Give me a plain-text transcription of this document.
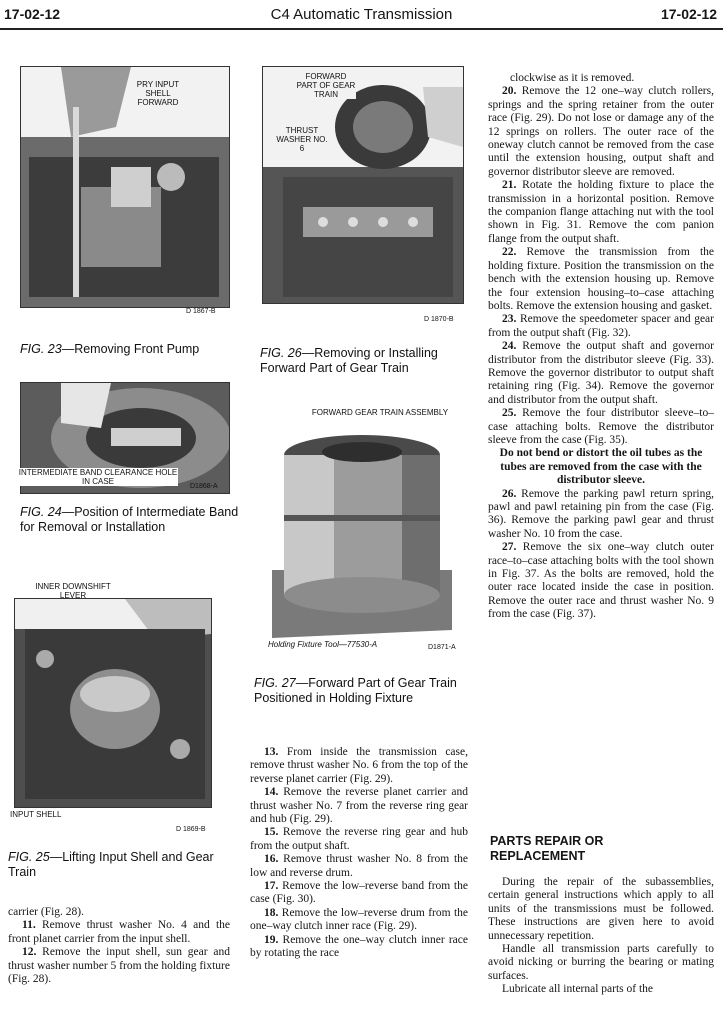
17-02-12	C4 Automatic Transmission	17-02-12
PRY INPUT SHELL FORWARD
D 1867-B
FIG. 23—Removing Front Pump
INTERMEDIATE BAND CLEARANCE HOLE IN CASE
D1868-A
FIG. 24—Position of Intermediate Band for Removal or Installation
INNER DOWNSHIFT LEVER
INPUT SHELL
D 1869-B
FIG. 25—Lifting Input Shell and Gear Train

carrier (Fig. 28).

11. Remove thrust washer No. 4 and the front planet carrier from the input shell.

12. Remove the input shell, sun gear and thrust washer number 5 from the holding fixture (Fig. 28).

FORWARD PART OF GEAR TRAIN
THRUST WASHER NO. 6
D 1870-B
FIG. 26—Removing or Installing Forward Part of Gear Train
FORWARD GEAR TRAIN ASSEMBLY
Holding Fixture Tool—77530-A	D1871-A
FIG. 27—Forward Part of Gear Train Positioned in Holding Fixture

13. From inside the transmission case, remove thrust washer No. 6 from the top of the reverse planet carrier (Fig. 29).

14. Remove the reverse planet carrier and thrust washer No. 7 from the reverse ring gear and hub (Fig. 29).

15. Remove the reverse ring gear and hub from the output shaft.

16. Remove thrust washer No. 8 from the low and reverse drum.

17. Remove the low–reverse band from the case (Fig. 30).

18. Remove the low–reverse drum from the one–way clutch inner race (Fig. 29).

19. Remove the one–way clutch inner race by rotating the race

clockwise as it is removed.

20. Remove the 12 one–way clutch rollers, springs and the spring retainer from the outer race (Fig. 29). Do not lose or damage any of the 12 springs on rollers. The outer race of the oneway clutch cannot be removed from the case until the extension housing, output shaft and governor distributor sleeve are removed.

21. Rotate the holding fixture to place the transmission in a horizontal position. Remove the companion flange attaching nut with the tool shown in Fig. 31. Remove the com panion flange from the output shaft.

22. Remove the transmission from the holding fixture. Position the transmission on the bench with the extension housing up. Remove the four extension housing–to–case attaching bolts. Remove the extension housing and gasket.

23. Remove the speedometer spacer and gear from the output shaft (Fig. 32).

24. Remove the output shaft and governor distributor from the distributor sleeve (Fig. 33). Remove the governor distributor to output shaft retaining ring (Fig. 34). Remove the governor and distributor from the output shaft.

25. Remove the four distributor sleeve–to–case attaching bolts. Remove the distributor sleeve from the case (Fig. 35).

Do not bend or distort the oil tubes as the tubes are removed from the case with the distributor sleeve.

26. Remove the parking pawl return spring, pawl and pawl retaining pin from the case (Fig. 36). Remove the parking pawl gear and thrust washer No. 10 from the case.

27. Remove the six one–way clutch outer race–to–case attaching bolts with the tool shown in Fig. 37. As the bolts are removed, hold the outer race located inside the case in position. Remove the outer race and thrust washer No. 9 from the case (Fig. 37).

PARTS REPAIR OR REPLACEMENT

During the repair of the subassemblies, certain general instructions which apply to all units of the transmissions must be followed. These instructions are given here to avoid unnecessary repetition.

Handle all transmission parts carefully to avoid nicking or burring the bearing or mating surfaces.

Lubricate all internal parts of the
